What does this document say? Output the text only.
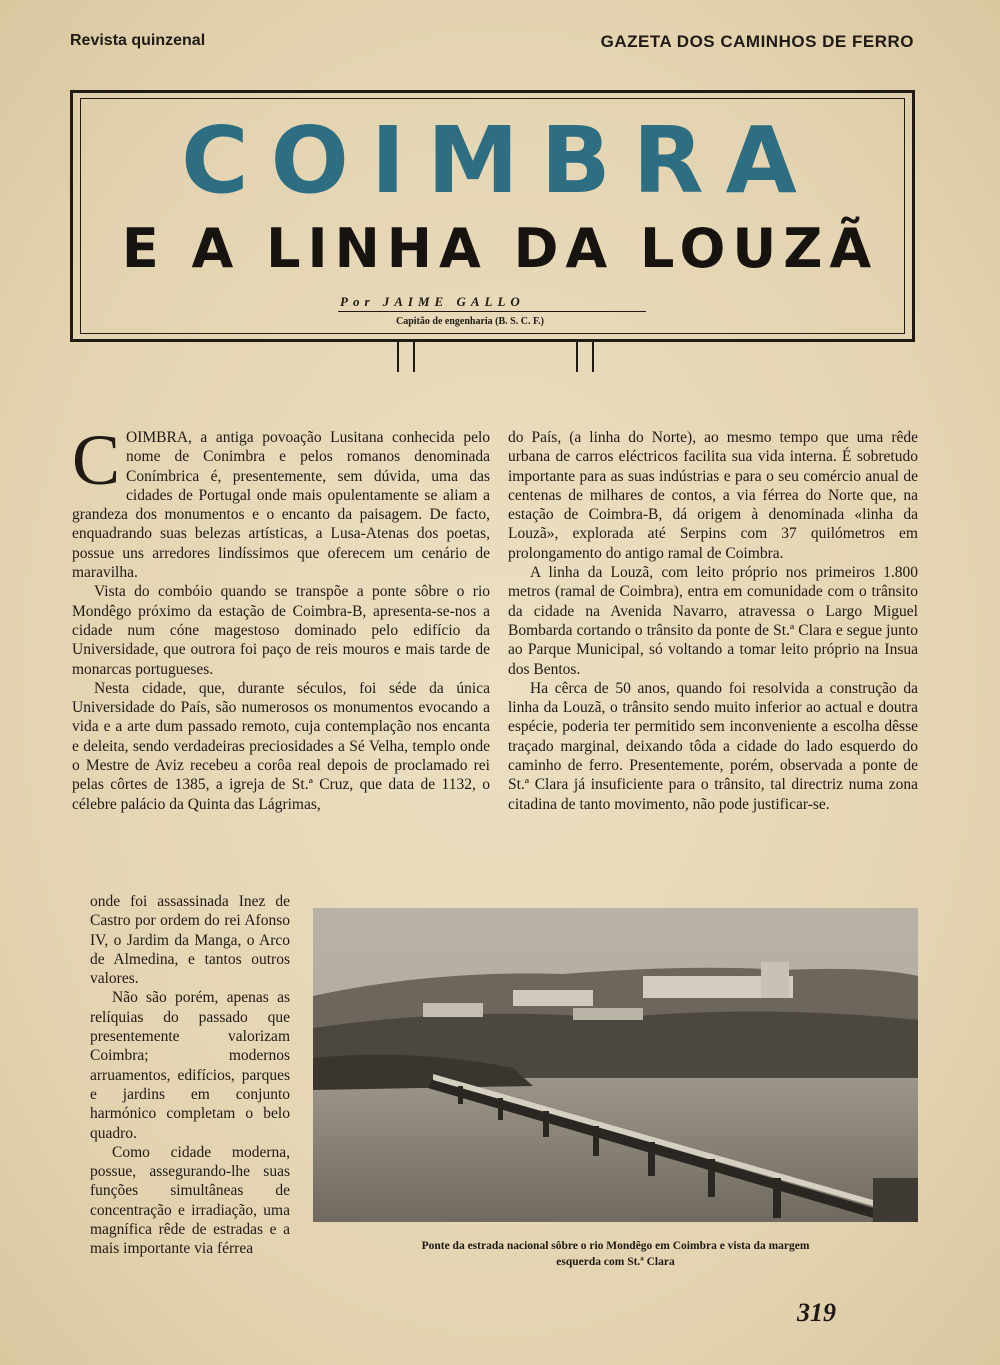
Revista quinzenal	GAZETA DOS CAMINHOS DE FERRO
COIMBRA
E A LINHA DA LOUZÃ
Por JAIME GALLO
Capitão de engenharia (B. S. C. F.)
C OIMBRA, a antiga povoação Lusitana conhecida pelo nome de Conimbra e pelos romanos denominada Conímbrica é, presentemente, sem dúvida, uma das cidades de Portugal onde mais opulentamente se aliam a grandeza dos monumentos e o encanto da paisagem. De facto, enquadrando suas belezas artísticas, a Lusa-Atenas dos poetas, possue uns arredores lindíssimos que oferecem um cenário de maravilha.

Vista do combóio quando se transpõe a ponte sôbre o rio Mondêgo próximo da estação de Coimbra-B, apresenta-se-nos a cidade num cóne magestoso dominado pelo edifício da Universidade, que outrora foi paço de reis mouros e mais tarde de monarcas portugueses.

Nesta cidade, que, durante séculos, foi séde da única Universidade do País, são numerosos os monumentos evocando a vida e a arte dum passado remoto, cuja contemplação nos encanta e deleita, sendo verdadeiras preciosidades a Sé Velha, templo onde o Mestre de Aviz recebeu a corôa real depois de proclamado rei pelas côrtes de 1385, a igreja de St.ª Cruz, que data de 1132, o célebre palácio da Quinta das Lágrimas,

onde foi assassinada Inez de Castro por ordem do rei Afonso IV, o Jardim da Manga, o Arco de Almedina, e tantos outros valores.

Não são porém, apenas as relíquias do passado que presentemente valorizam Coimbra; modernos arruamentos, edifícios, parques e jardins em conjunto harmónico completam o belo quadro.

Como cidade moderna, possue, assegurando-lhe suas funções simultâneas de concentração e irradiação, uma magnífica rêde de estradas e a mais importante via férrea

do País, (a linha do Norte), ao mesmo tempo que uma rêde urbana de carros eléctricos facilita sua vida interna. É sobretudo importante para as suas indústrias e para o seu comércio anual de centenas de milhares de contos, a via férrea do Norte que, na estação de Coimbra-B, dá origem à denominada «linha da Louzã», explorada até Serpins com 37 quilómetros em prolongamento do antigo ramal de Coimbra.

A linha da Louzã, com leito próprio nos primeiros 1.800 metros (ramal de Coimbra), entra em comunidade com o trânsito da cidade na Avenida Navarro, atravessa o Largo Miguel Bombarda cortando o trânsito da ponte de St.ª Clara e segue junto ao Parque Municipal, só voltando a tomar leito próprio na Insua dos Bentos.

Ha cêrca de 50 anos, quando foi resolvida a construção da linha da Louzã, o trânsito sendo muito inferior ao actual e doutra espécie, poderia ter permitido sem inconveniente a escolha dêsse traçado marginal, deixando tôda a cidade do lado esquerdo do caminho de ferro. Presentemente, porém, observada a ponte de St.ª Clara já insuficiente para o trânsito, tal directriz numa zona citadina de tanto movimento, não pode justificar-se.

Ponte da estrada nacional sôbre o rio Mondêgo em Coimbra e vista da margem
esquerda com St.ª Clara
319
